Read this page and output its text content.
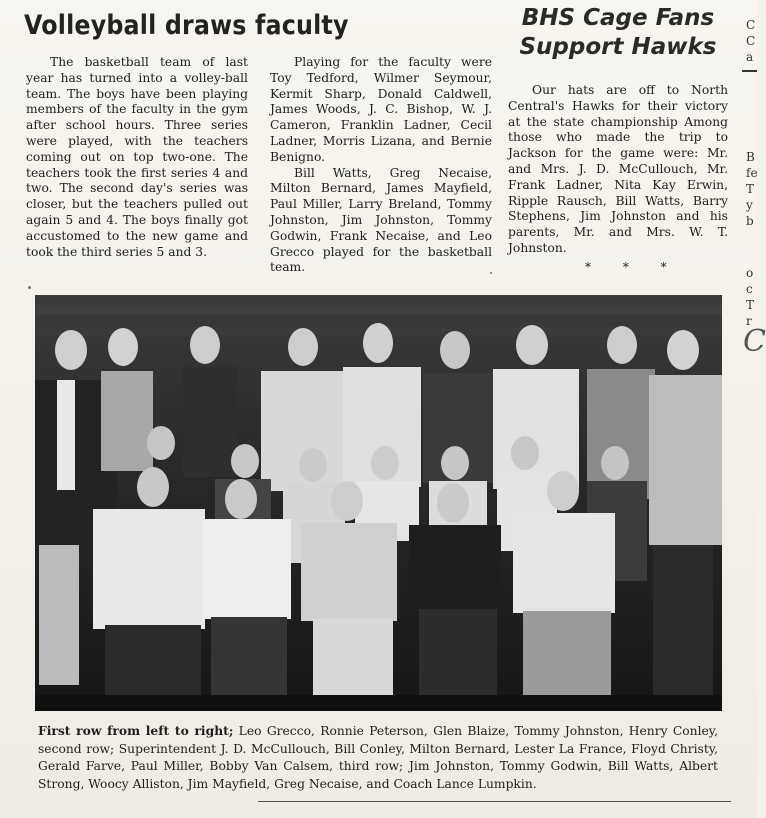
Volleyball draws faculty

The basketball team of last year has turned into a volley-ball team. The boys have been playing members of the faculty in the gym after school hours. Three series were played, with the teachers coming out on top two-one. The teachers took the first series 4 and two. The second day's series was closer, but the teachers pulled out again 5 and 4. The boys finally got accustomed to the new game and took the third series 5 and 3.

Playing for the faculty were Toy Tedford, Wilmer Seymour, Kermit Sharp, Donald Caldwell, James Woods, J. C. Bishop, W. J. Cameron, Franklin Ladner, Cecil Ladner, Morris Lizana, and Bernie Benigno.

Bill Watts, Greg Necaise, Milton Bernard, James Mayfield, Paul Miller, Larry Breland, Tommy Johnston, Jim Johnston, Tommy Godwin, Frank Necaise, and Leo Grecco played for the basketball team.

BHS Cage Fans
Support Hawks

Our hats are off to North Central's Hawks for their victory at the state championship Among those who made the trip to Jackson for the game were: Mr. and Mrs. J. D. McCullouch, Mr. Frank Ladner, Nita Kay Erwin, Ripple Rausch, Bill Watts, Barry Stephens, Jim Johnston and his parents, Mr. and Mrs. W. T. Johnston.

* * *
C
C
a
B
fe
T
y
b
o
c
T
r
C
First row from left to right; Leo Grecco, Ronnie Peterson, Glen Blaize, Tommy Johnston, Henry Conley, second row; Superintendent J. D. McCullouch, Bill Conley, Milton Bernard, Lester La France, Floyd Christy, Gerald Farve, Paul Miller, Bobby Van Calsem, third row; Jim Johnston, Tommy Godwin, Bill Watts, Albert Strong, Woocy Alliston, Jim Mayfield, Greg Necaise, and Coach Lance Lumpkin.
